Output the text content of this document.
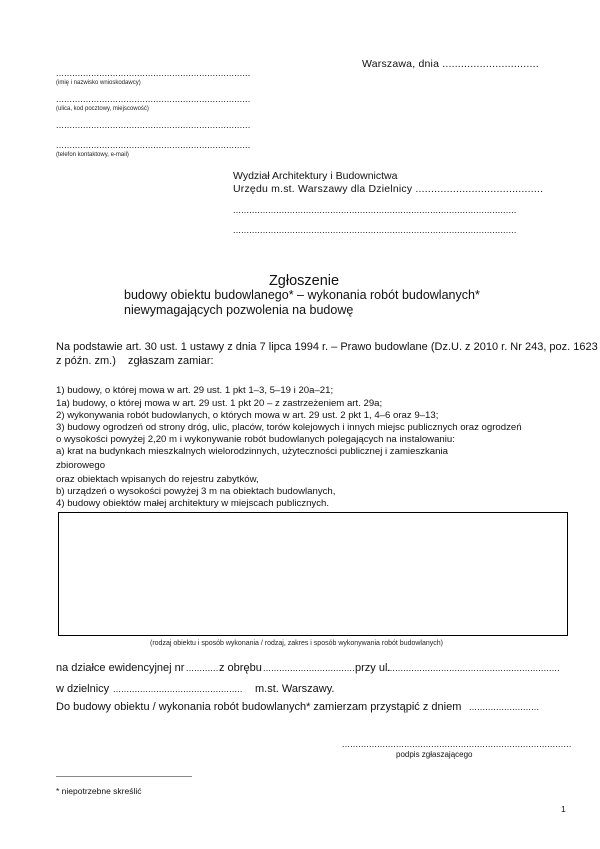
Warszawa, dnia ...............................
........................................................................
(imię i nazwisko wnioskodawcy)
........................................................................
(ulica, kod pocztowy, miejscowość)
........................................................................
........................................................................
(telefon kontaktowy, e-mail)
Wydział Architektury i Budownictwa
Urzędu m.st. Warszawy dla Dzielnicy .........................................
.........................................................................................................
.........................................................................................................
Zgłoszenie
budowy obiektu budowlanego* – wykonania robót budowlanych*
niewymagających pozwolenia na budowę
Na podstawie art. 30 ust. 1 ustawy z dnia 7 lipca 1994 r. – Prawo budowlane (Dz.U. z 2010 r. Nr 243, poz. 1623
z późn. zm.) zgłaszam zamiar:
1) budowy, o której mowa w art. 29 ust. 1 pkt 1–3, 5–19 i 20a–21;
1a) budowy, o której mowa w art. 29 ust. 1 pkt 20 – z zastrzeżeniem art. 29a;
2) wykonywania robót budowlanych, o których mowa w art. 29 ust. 2 pkt 1, 4–6 oraz 9–13;
3) budowy ogrodzeń od strony dróg, ulic, placów, torów kolejowych i innych miejsc publicznych oraz ogrodzeń
o wysokości powyżej 2,20 m i wykonywanie robót budowlanych polegających na instalowaniu:
a) krat na budynkach mieszkalnych wielorodzinnych, użyteczności publicznej i zamieszkania
zbiorowego
oraz obiektach wpisanych do rejestru zabytków,
b) urządzeń o wysokości powyżej 3 m na obiektach budowlanych,
4) budowy obiektów małej architektury w miejscach publicznych.
(rodzaj obiektu i sposób wykonania / rodzaj, zakres i sposób wykonywania robót budowlanych)
na działce ewidencyjnej nr ............ z obrębu .................................. przy ul.
................................................................
w dzielnicy ................................................ m.st. Warszawy.
Do budowy obiektu / wykonania robót budowlanych* zamierzam przystąpić z dniem ..........................
.....................................................................................
podpis zgłaszającego
* niepotrzebne skreślić
1
